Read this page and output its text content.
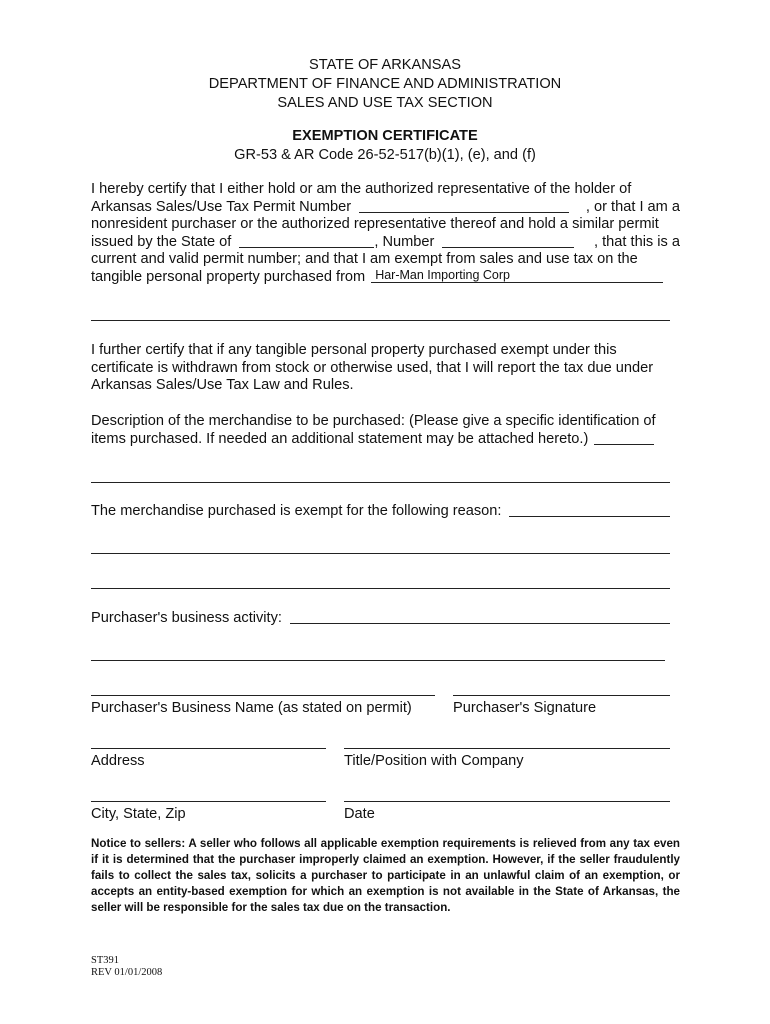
STATE OF ARKANSAS
DEPARTMENT OF FINANCE AND ADMINISTRATION
SALES AND USE TAX SECTION
EXEMPTION CERTIFICATE
GR-53 & AR Code 26-52-517(b)(1), (e), and (f)
I hereby certify that I either hold or am the authorized representative of the holder of
Arkansas Sales/Use Tax Permit Number	, or that I am a
nonresident purchaser or the authorized representative thereof and hold a similar permit
issued by the State of	, Number	, that this is a
current and valid permit number; and that I am exempt from sales and use tax on the
tangible personal property purchased from Har-Man Importing Corp
I further certify that if any tangible personal property purchased exempt under this
certificate is withdrawn from stock or otherwise used, that I will report the tax due under
Arkansas Sales/Use Tax Law and Rules.
Description of the merchandise to be purchased: (Please give a specific identification of
items purchased. If needed an additional statement may be attached hereto.)
The merchandise purchased is exempt for the following reason:
Purchaser's business activity:
Purchaser's Business Name (as stated on permit)	Purchaser's Signature
Address	Title/Position with Company
City, State, Zip	Date
Notice to sellers: A seller who follows all applicable exemption requirements is relieved from any tax even if it is determined that the purchaser improperly claimed an exemption. However, if the seller fraudulently fails to collect the sales tax, solicits a purchaser to participate in an unlawful claim of an exemption, or accepts an entity-based exemption for which an exemption is not available in the State of Arkansas, the seller will be responsible for the sales tax due on the transaction.
ST391
REV 01/01/2008
